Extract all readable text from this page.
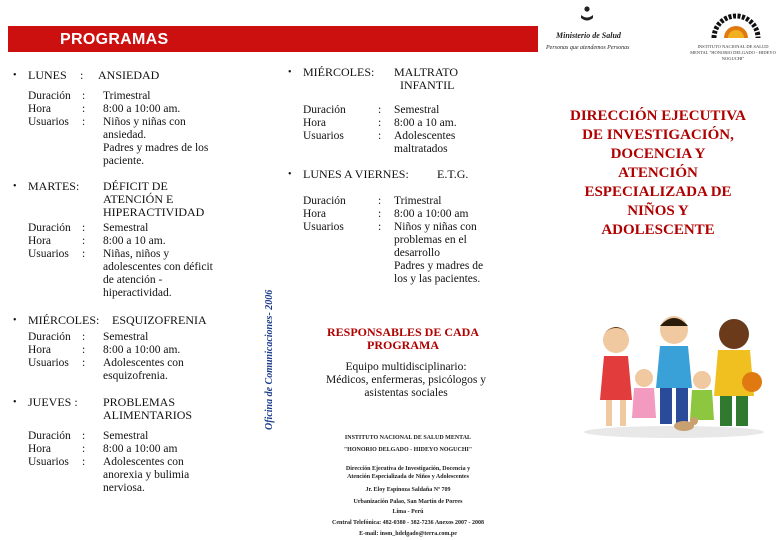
PROGRAMAS	Ministerio de Salud
Personas que atendemos Personas	INSTITUTO NACIONAL DE SALUD MENTAL "HONORIO DELGADO - HIDEYO NOGUCHI"
• LUNES : ANSIEDAD
Duración
Hora
Usuarios
:
:
:
Trimestral
8:00 a 10:00 am.
Niños y niñas con
ansiedad.
Padres y madres de los
paciente.
• MARTES: DÉFICIT DE
ATENCIÓN E
HIPERACTIVIDAD
Duración
Hora
Usuarios
:
:
:
Semestral
8:00 a 10 am.
Niñas, niños y
adolescentes con déficit
de atención -
hiperactividad.
• MIÉRCOLES: ESQUIZOFRENIA
Duración
Hora
Usuarios
:
:
:
Semestral
8:00 a 10:00 am.
Adolescentes con
esquizofrenia.
• JUEVES : PROBLEMAS
ALIMENTARIOS
Duración
Hora
Usuarios
:
:
:
Semestral
8:00 a 10:00 am
Adolescentes con
anorexia y bulimia
nerviosa.
Oficina de Comunicaciones- 2006
• MIÉRCOLES: MALTRATO
INFANTIL
Duración
Hora
Usuarios
:
:
:
Semestral
8:00 a 10 am.
Adolescentes
maltratados
• LUNES A VIERNES: E.T.G.
Duración
Hora
Usuarios
:
:
:
Trimestral
8:00 a 10:00 am
Niños y niñas con
problemas en el
desarrollo
Padres y madres de
los y las pacientes.
RESPONSABLES DE CADA
PROGRAMA
Equipo multidisciplinario:
Médicos, enfermeras, psicólogos y
asistentas sociales
INSTITUTO NACIONAL DE SALUD MENTAL
"HONORIO DELGADO - HIDEYO NOGUCHI"
Dirección Ejecutiva de Investigación, Docencia y
Atención Especializada de Niños y Adolescentes
Jr. Eloy Espinoza Saldaña Nº 709
Urbanización Palao, San Martín de Porres
Lima - Perú
Central Telefónica: 482-0380 - 382-7236 Anexos 2007 - 2008
E-mail: insm_hdelgado@terra.com.pe
DIRECCIÓN EJECUTIVA
DE INVESTIGACIÓN,
DOCENCIA Y
ATENCIÓN
ESPECIALIZADA DE
NIÑOS Y
ADOLESCENTE
